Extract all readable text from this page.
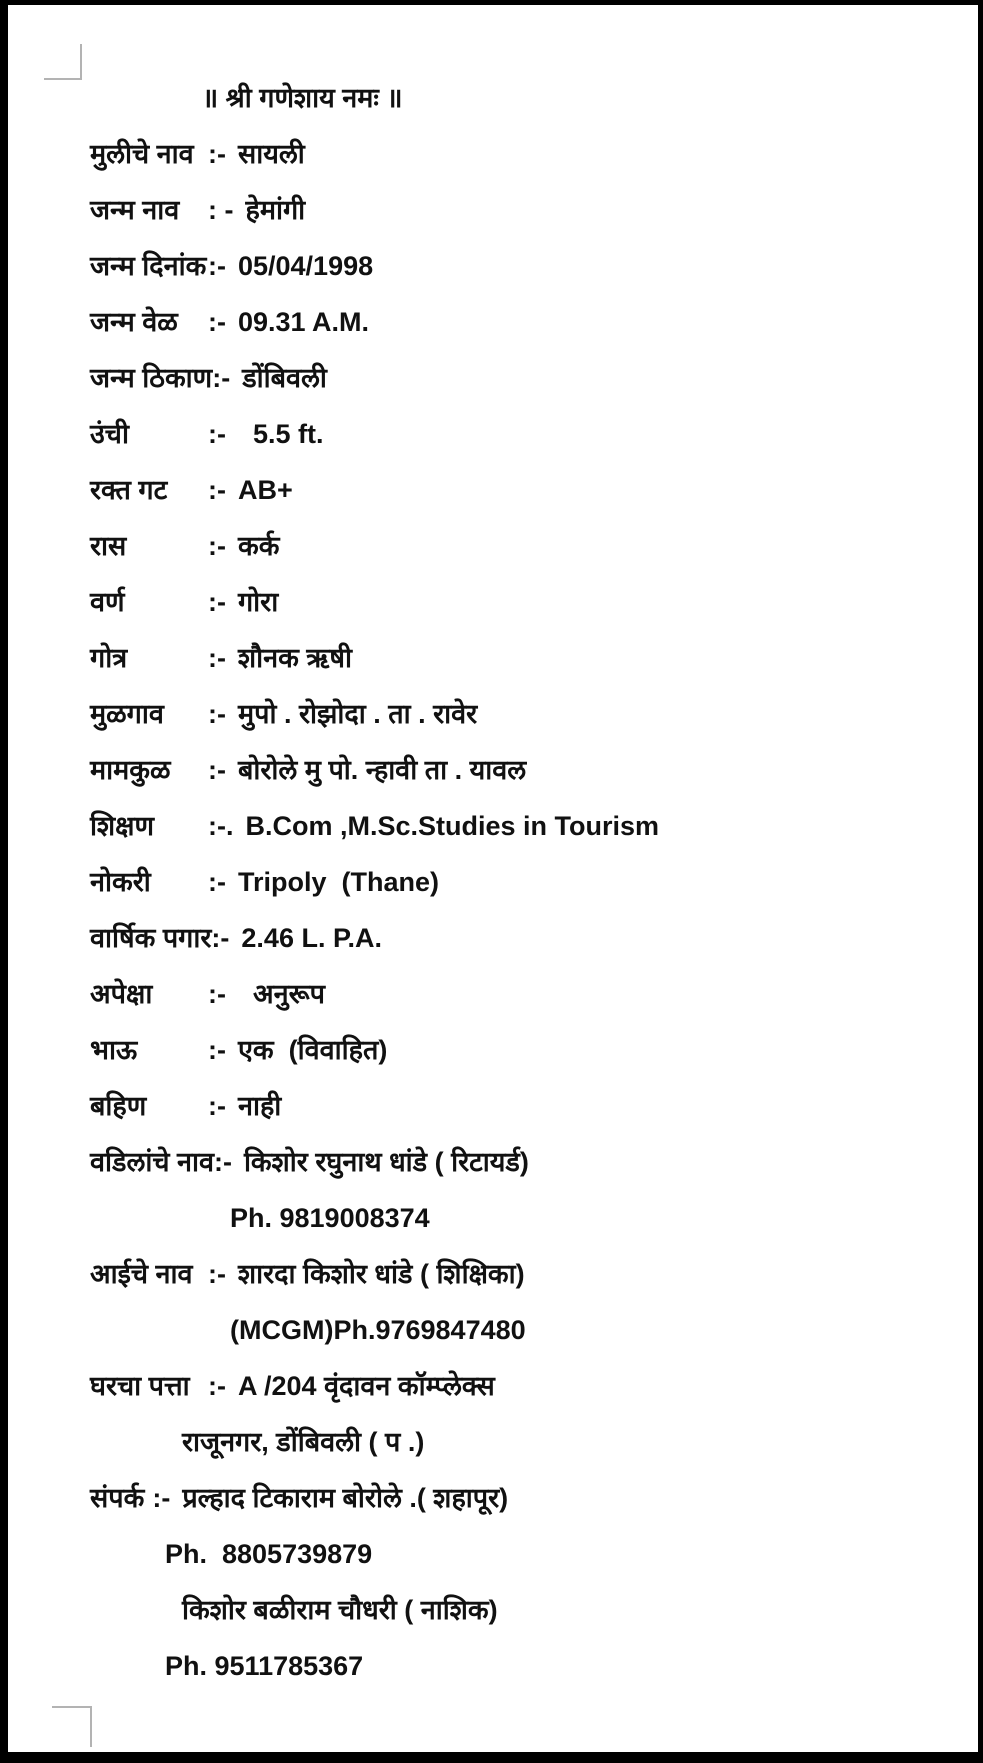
॥ श्री गणेशाय नमः ॥
मुलीचे नाव :- सायली
जन्म नाव	: - हेमांगी
जन्म दिनांक :- 05/04/1998
जन्म वेळ	:- 09.31 A.M.
जन्म ठिकाण :- डोंबिवली
उंची	:- 5.5 ft.
रक्त गट	:- AB+
रास	:- कर्क
वर्ण	:- गोरा
गोत्र	:- शौनक ऋषी
मुळगाव	:- मुपो . रोझोदा . ता . रावेर
मामकुळ	:- बोरोले मु पो. न्हावी ता . यावल
शिक्षण	:-. B.Com ,M.Sc.Studies in Tourism
नोकरी	:- Tripoly  (Thane)
वार्षिक पगार :- 2.46 L. P.A.
अपेक्षा	:- अनुरूप
भाऊ	:- एक  (विवाहित)
बहिण	:- नाही
वडिलांचे नाव :- किशोर रघुनाथ धांडे ( रिटायर्ड)
Ph. 9819008374
आईचे नाव :- शारदा किशोर धांडे ( शिक्षिका)
(MCGM)Ph.9769847480
घरचा पत्ता :- A /204 वृंदावन कॉम्प्लेक्स
राजूनगर, डोंबिवली ( प .)
संपर्क :- प्रल्हाद टिकाराम बोरोले .( शहापूर)
Ph.  8805739879
किशोर बळीराम चौधरी ( नाशिक)
Ph. 9511785367
